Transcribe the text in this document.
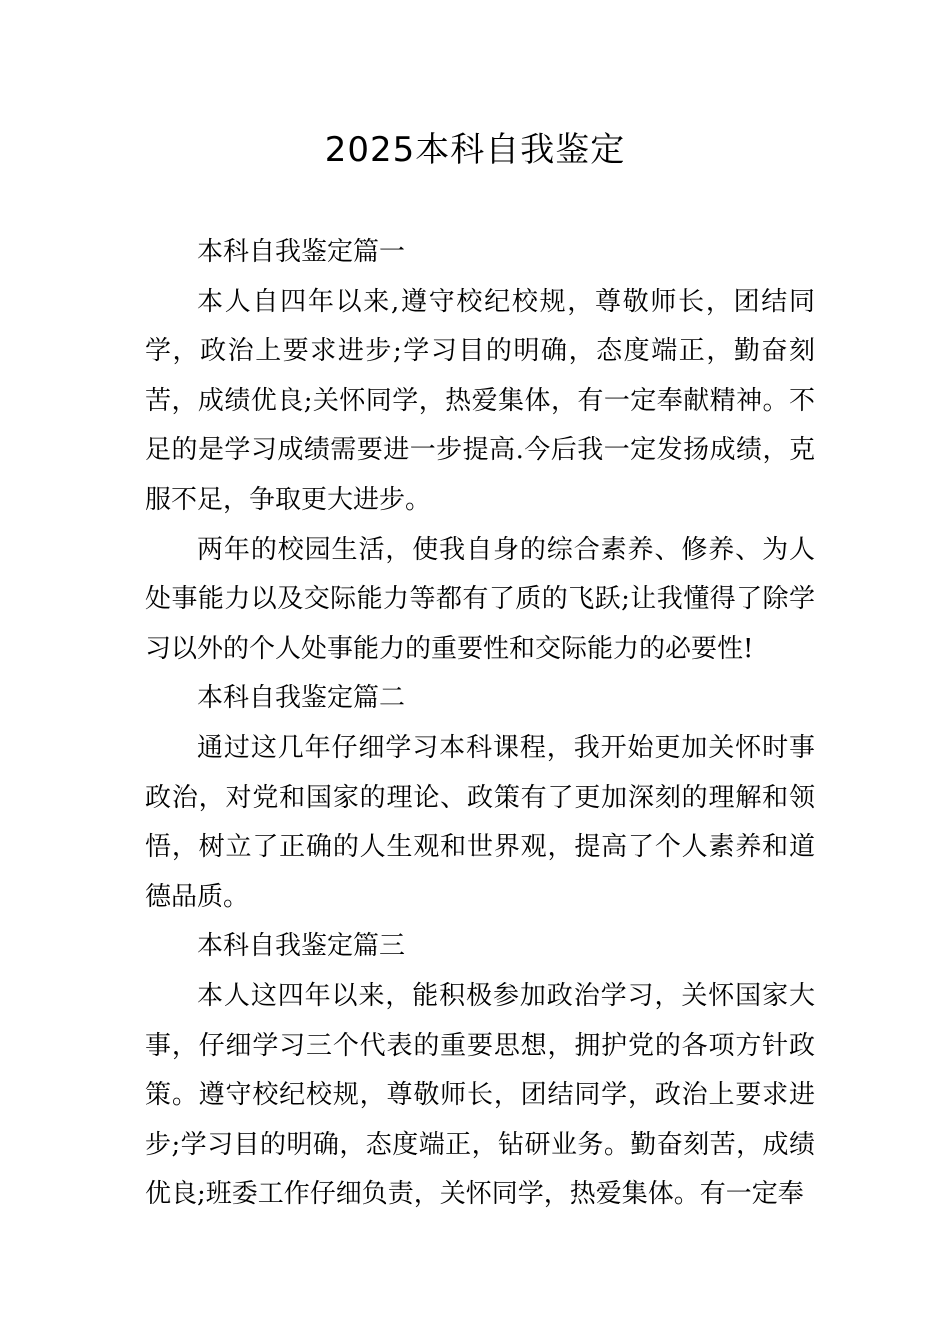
2025本科自我鉴定

本科自我鉴定篇一

本人自四年以来,遵守校纪校规，尊敬师长，团结同学，政治上要求进步;学习目的明确，态度端正，勤奋刻苦，成绩优良;关怀同学，热爱集体，有一定奉献精神。不足的是学习成绩需要进一步提高.今后我一定发扬成绩，克服不足，争取更大进步。

两年的校园生活，使我自身的综合素养、修养、为人处事能力以及交际能力等都有了质的飞跃;让我懂得了除学习以外的个人处事能力的重要性和交际能力的必要性!

本科自我鉴定篇二

通过这几年仔细学习本科课程，我开始更加关怀时事政治，对党和国家的理论、政策有了更加深刻的理解和领悟，树立了正确的人生观和世界观，提高了个人素养和道德品质。

本科自我鉴定篇三

本人这四年以来，能积极参加政治学习，关怀国家大事，仔细学习三个代表的重要思想，拥护党的各项方针政策。遵守校纪校规，尊敬师长，团结同学，政治上要求进步;学习目的明确，态度端正，钻研业务。勤奋刻苦，成绩优良;班委工作仔细负责，关怀同学，热爱集体。有一定奉
